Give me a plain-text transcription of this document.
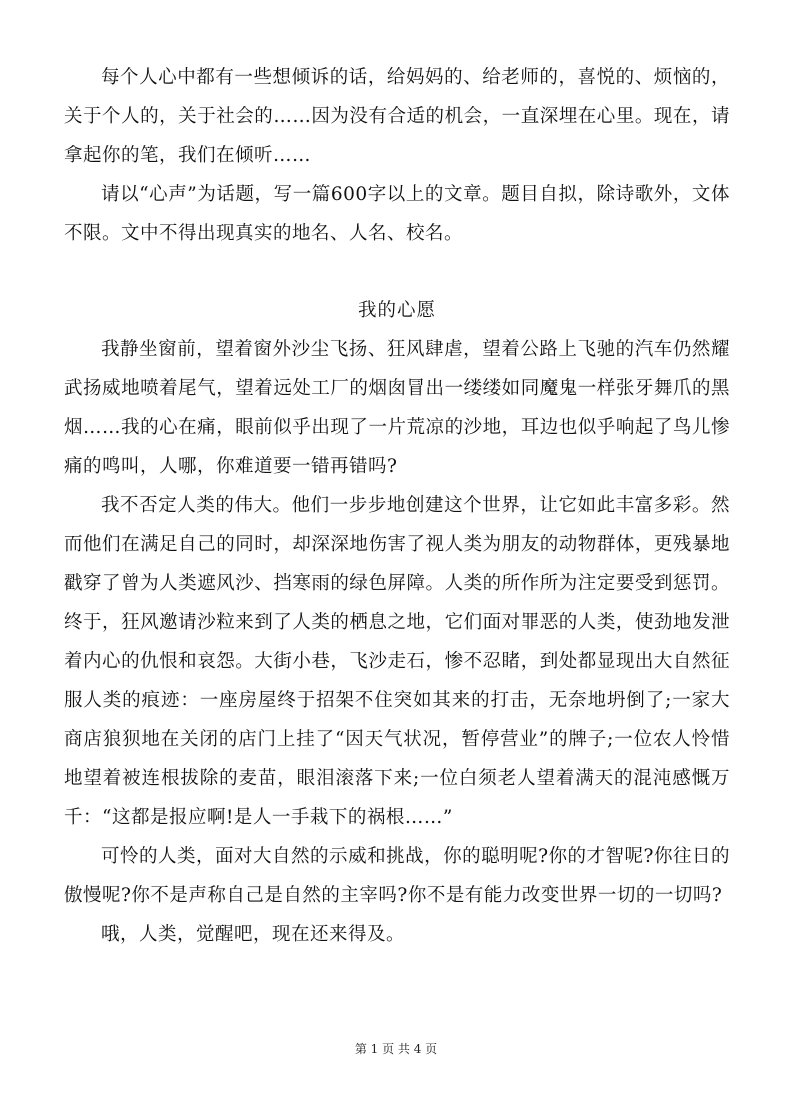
每个人心中都有一些想倾诉的话，给妈妈的、给老师的，喜悦的、烦恼的，关于个人的，关于社会的……因为没有合适的机会，一直深埋在心里。现在，请拿起你的笔，我们在倾听……

请以“心声”为话题，写一篇600字以上的文章。题目自拟，除诗歌外，文体不限。文中不得出现真实的地名、人名、校名。

我的心愿

我静坐窗前，望着窗外沙尘飞扬、狂风肆虐，望着公路上飞驰的汽车仍然耀武扬威地喷着尾气，望着远处工厂的烟囱冒出一缕缕如同魔鬼一样张牙舞爪的黑烟……我的心在痛，眼前似乎出现了一片荒凉的沙地，耳边也似乎响起了鸟儿惨痛的鸣叫，人哪，你难道要一错再错吗?

我不否定人类的伟大。他们一步步地创建这个世界，让它如此丰富多彩。然而他们在满足自己的同时，却深深地伤害了视人类为朋友的动物群体，更残暴地戳穿了曾为人类遮风沙、挡寒雨的绿色屏障。人类的所作所为注定要受到惩罚。终于，狂风邀请沙粒来到了人类的栖息之地，它们面对罪恶的人类，使劲地发泄着内心的仇恨和哀怨。大街小巷，飞沙走石，惨不忍睹，到处都显现出大自然征服人类的痕迹：一座房屋终于招架不住突如其来的打击，无奈地坍倒了;一家大商店狼狈地在关闭的店门上挂了“因天气状况，暂停营业”的牌子;一位农人怜惜地望着被连根拔除的麦苗，眼泪滚落下来;一位白须老人望着满天的混沌感慨万千：“这都是报应啊!是人一手栽下的祸根……”

可怜的人类，面对大自然的示威和挑战，你的聪明呢?你的才智呢?你往日的傲慢呢?你不是声称自己是自然的主宰吗?你不是有能力改变世界一切的一切吗?

哦，人类，觉醒吧，现在还来得及。

第 1 页 共 4 页
